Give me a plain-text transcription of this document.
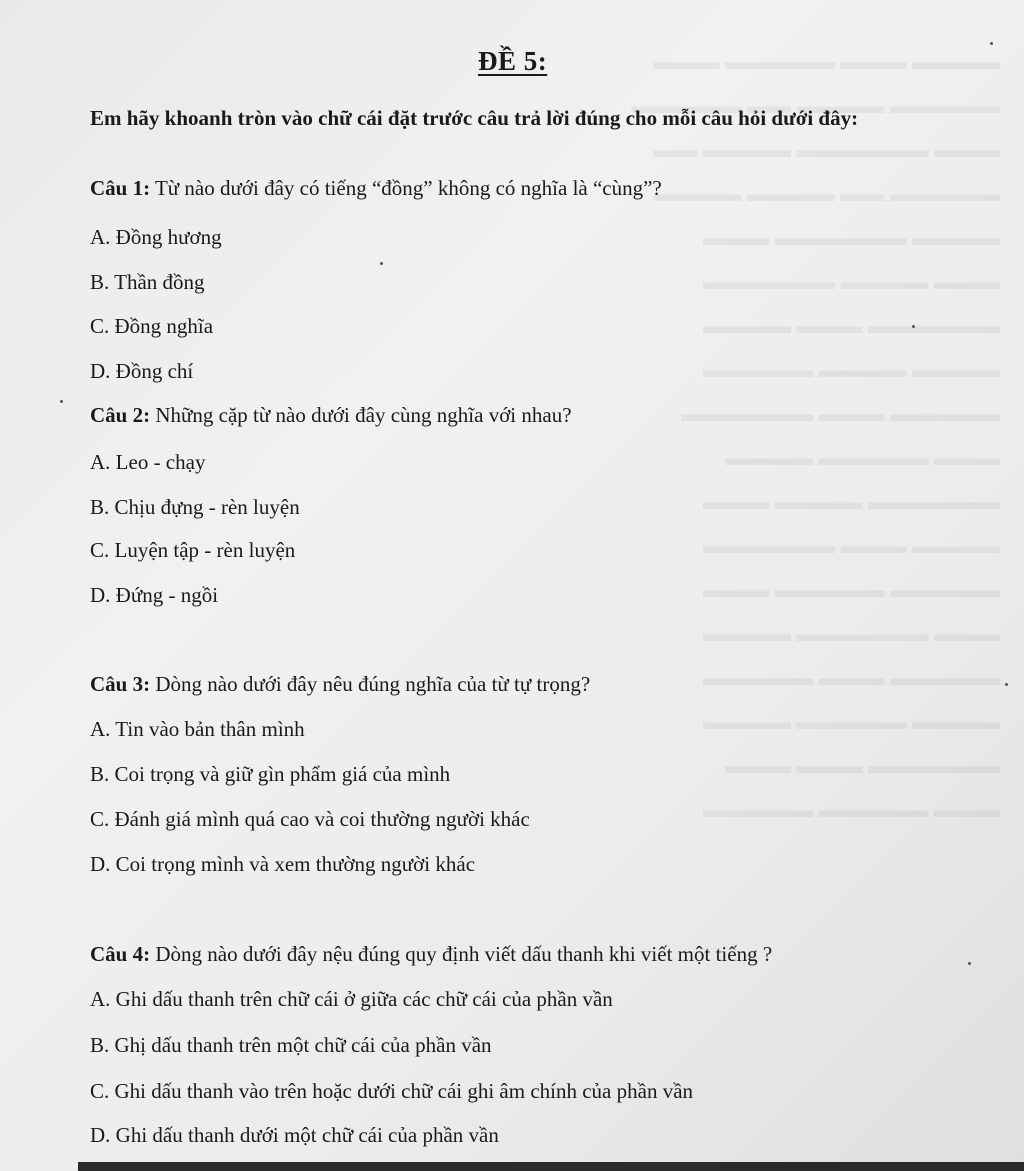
▬▬▬▬ ▬▬▬ ▬▬▬▬▬ ▬▬▬
▬▬▬▬▬ ▬▬▬▬ ▬▬ ▬▬▬▬▬
▬▬▬ ▬▬▬▬▬▬ ▬▬▬▬ ▬▬
▬▬▬▬▬ ▬▬ ▬▬▬▬ ▬▬▬▬
▬▬▬▬ ▬▬▬▬▬▬ ▬▬▬
▬▬▬ ▬▬▬▬ ▬▬▬▬▬▬
▬▬▬▬▬▬ ▬▬▬ ▬▬▬▬
▬▬▬▬ ▬▬▬▬ ▬▬▬▬▬
▬▬▬▬▬ ▬▬▬ ▬▬▬▬▬▬
▬▬▬ ▬▬▬▬▬ ▬▬▬▬
▬▬▬▬▬▬ ▬▬▬▬ ▬▬▬
▬▬▬▬ ▬▬▬ ▬▬▬▬▬▬
▬▬▬▬▬ ▬▬▬▬▬ ▬▬▬
▬▬▬ ▬▬▬▬▬▬ ▬▬▬▬
▬▬▬▬▬ ▬▬▬ ▬▬▬▬▬
▬▬▬▬ ▬▬▬▬▬ ▬▬▬▬
▬▬▬▬▬▬ ▬▬▬ ▬▬▬
▬▬▬ ▬▬▬▬▬ ▬▬▬▬▬
ĐỀ 5:
Em hãy khoanh tròn vào chữ cái đặt trước câu trả lời đúng cho mỗi câu hỏi dưới đây:
Câu 1: Từ nào dưới đây có tiếng “đồng” không có nghĩa là “cùng”?
A. Đồng hương
B. Thần đồng
C. Đồng nghĩa
D. Đồng chí
Câu 2: Những cặp từ nào dưới đây cùng nghĩa với nhau?
A. Leo - chạy
B. Chịu đựng - rèn luyện
C. Luyện tập - rèn luyện
D. Đứng - ngồi
Câu 3: Dòng nào dưới đây nêu đúng nghĩa của từ tự trọng?
A. Tin vào bản thân mình
B. Coi trọng và giữ gìn phẩm giá của mình
C. Đánh giá mình quá cao và coi thường người khác
D. Coi trọng mình và xem thường người khác
Câu 4: Dòng nào dưới đây nệu đúng quy định viết dấu thanh khi viết một tiếng ?
A. Ghi dấu thanh trên chữ cái ở giữa các chữ cái của phần vần
B. Ghị dấu thanh trên một chữ cái của phần vần
C. Ghi dấu thanh vào trên hoặc dưới chữ cái ghi âm chính của phần vần
D. Ghi dấu thanh dưới một chữ cái của phần vần
